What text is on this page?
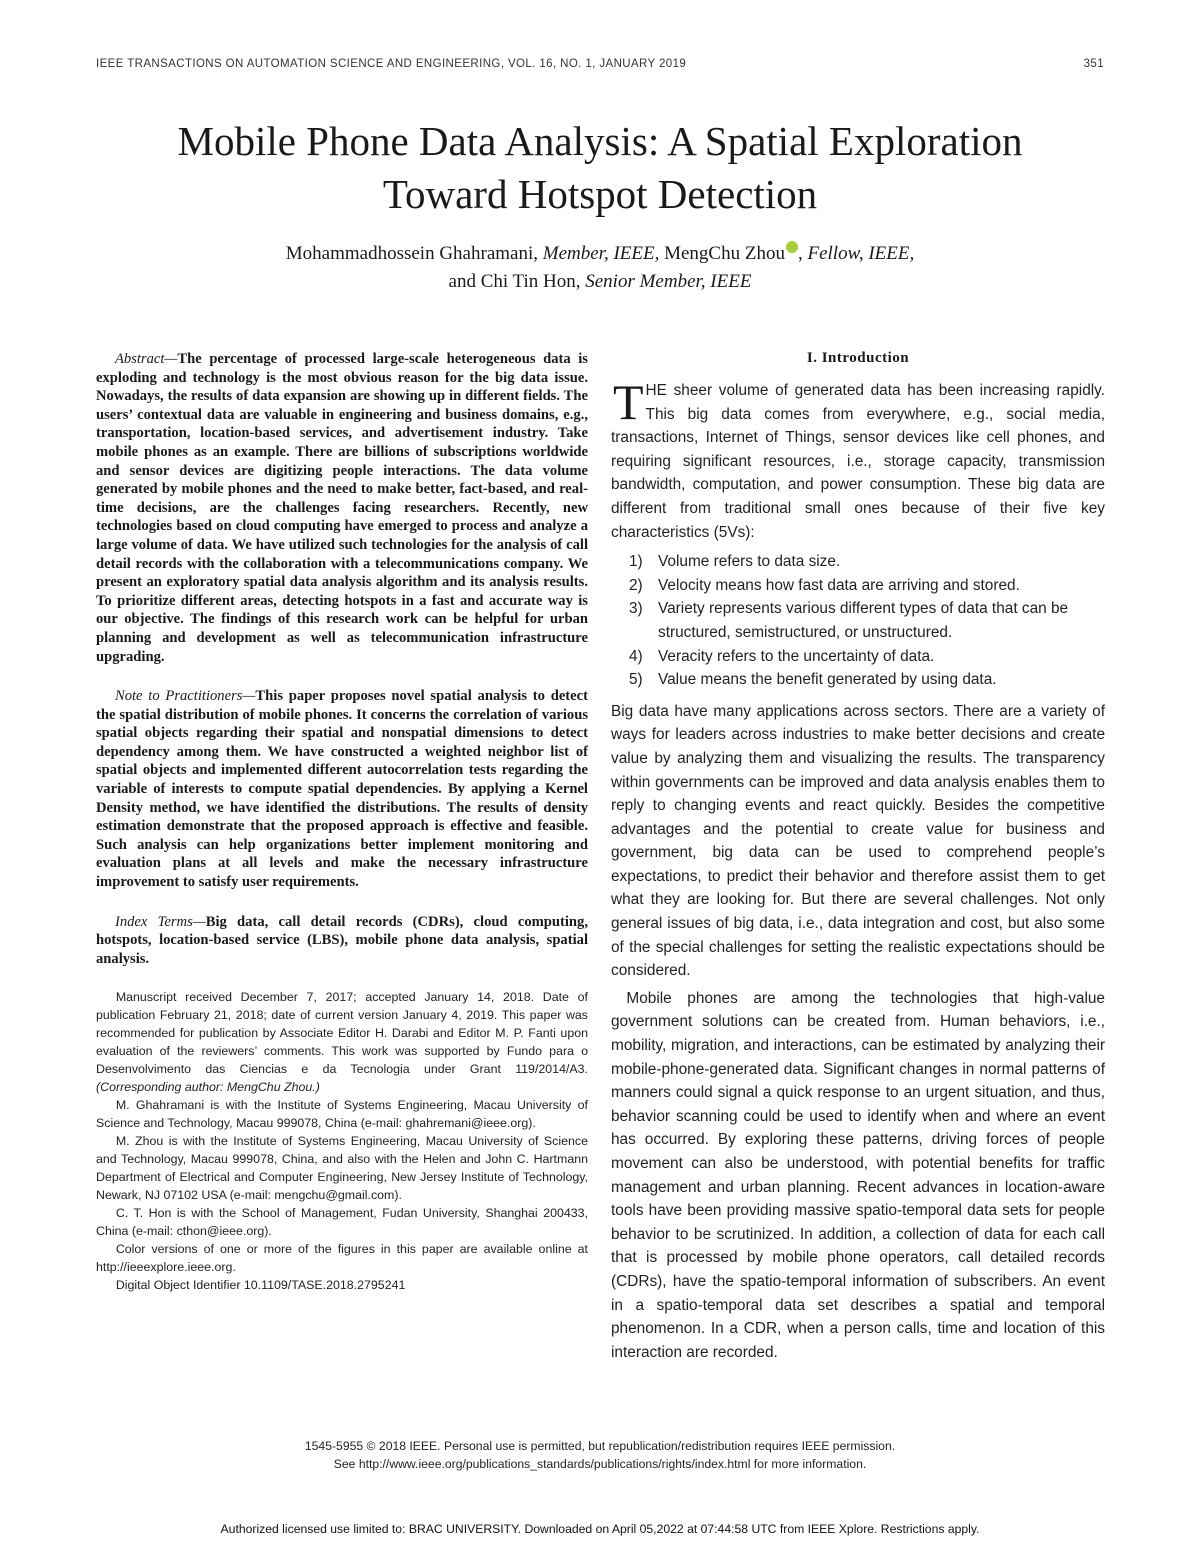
IEEE TRANSACTIONS ON AUTOMATION SCIENCE AND ENGINEERING, VOL. 16, NO. 1, JANUARY 2019	351
Mobile Phone Data Analysis: A Spatial Exploration
Toward Hotspot Detection
Mohammadhossein Ghahramani, Member, IEEE, MengChu Zhou , Fellow, IEEE,
and Chi Tin Hon, Senior Member, IEEE

Abstract—The percentage of processed large-scale heterogeneous data is exploding and technology is the most obvious reason for the big data issue. Nowadays, the results of data expansion are showing up in different fields. The users’ contextual data are valuable in engineering and business domains, e.g., transportation, location-based services, and advertisement industry. Take mobile phones as an example. There are billions of subscriptions worldwide and sensor devices are digitizing people interactions. The data volume generated by mobile phones and the need to make better, fact-based, and real-time decisions, are the challenges facing researchers. Recently, new technologies based on cloud computing have emerged to process and analyze a large volume of data. We have utilized such technologies for the analysis of call detail records with the collaboration with a telecommunications company. We present an exploratory spatial data analysis algorithm and its analysis results. To prioritize different areas, detecting hotspots in a fast and accurate way is our objective. The findings of this research work can be helpful for urban planning and development as well as telecommunication infrastructure upgrading.

Note to Practitioners—This paper proposes novel spatial analysis to detect the spatial distribution of mobile phones. It concerns the correlation of various spatial objects regarding their spatial and nonspatial dimensions to detect dependency among them. We have constructed a weighted neighbor list of spatial objects and implemented different autocorrelation tests regarding the variable of interests to compute spatial dependencies. By applying a Kernel Density method, we have identified the distributions. The results of density estimation demonstrate that the proposed approach is effective and feasible. Such analysis can help organizations better implement monitoring and evaluation plans at all levels and make the necessary infrastructure improvement to satisfy user requirements.

Index Terms—Big data, call detail records (CDRs), cloud computing, hotspots, location-based service (LBS), mobile phone data analysis, spatial analysis.

Manuscript received December 7, 2017; accepted January 14, 2018. Date of publication February 21, 2018; date of current version January 4, 2019. This paper was recommended for publication by Associate Editor H. Darabi and Editor M. P. Fanti upon evaluation of the reviewers’ comments. This work was supported by Fundo para o Desenvolvimento das Ciencias e da Tecnologia under Grant 119/2014/A3. (Corresponding author: MengChu Zhou.)

M. Ghahramani is with the Institute of Systems Engineering, Macau University of Science and Technology, Macau 999078, China (e-mail: ghahremani@ieee.org).

M. Zhou is with the Institute of Systems Engineering, Macau University of Science and Technology, Macau 999078, China, and also with the Helen and John C. Hartmann Department of Electrical and Computer Engineering, New Jersey Institute of Technology, Newark, NJ 07102 USA (e-mail: mengchu@gmail.com).

C. T. Hon is with the School of Management, Fudan University, Shanghai 200433, China (e-mail: cthon@ieee.org).

Color versions of one or more of the figures in this paper are available online at http://ieeexplore.ieee.org.

Digital Object Identifier 10.1109/TASE.2018.2795241

I. Introduction

THE sheer volume of generated data has been increasing rapidly. This big data comes from everywhere, e.g., social media, transactions, Internet of Things, sensor devices like cell phones, and requiring significant resources, i.e., storage capacity, transmission bandwidth, computation, and power consumption. These big data are different from traditional small ones because of their five key characteristics (5Vs):

1) Volume refers to data size.
2) Velocity means how fast data are arriving and stored.
3) Variety represents various different types of data that can be structured, semistructured, or unstructured.
4) Veracity refers to the uncertainty of data.
5) Value means the benefit generated by using data.

Big data have many applications across sectors. There are a variety of ways for leaders across industries to make better decisions and create value by analyzing them and visualizing the results. The transparency within governments can be improved and data analysis enables them to reply to changing events and react quickly. Besides the competitive advantages and the potential to create value for business and government, big data can be used to comprehend people’s expectations, to predict their behavior and therefore assist them to get what they are looking for. But there are several challenges. Not only general issues of big data, i.e., data integration and cost, but also some of the special challenges for setting the realistic expectations should be considered.

Mobile phones are among the technologies that high-value government solutions can be created from. Human behaviors, i.e., mobility, migration, and interactions, can be estimated by analyzing their mobile-phone-generated data. Significant changes in normal patterns of manners could signal a quick response to an urgent situation, and thus, behavior scanning could be used to identify when and where an event has occurred. By exploring these patterns, driving forces of people movement can also be understood, with potential benefits for traffic management and urban planning. Recent advances in location-aware tools have been providing massive spatio-temporal data sets for people behavior to be scrutinized. In addition, a collection of data for each call that is processed by mobile phone operators, call detailed records (CDRs), have the spatio-temporal information of subscribers. An event in a spatio-temporal data set describes a spatial and temporal phenomenon. In a CDR, when a person calls, time and location of this interaction are recorded.

1545-5955 © 2018 IEEE. Personal use is permitted, but republication/redistribution requires IEEE permission.
See http://www.ieee.org/publications_standards/publications/rights/index.html for more information.
Authorized licensed use limited to: BRAC UNIVERSITY. Downloaded on April 05,2022 at 07:44:58 UTC from IEEE Xplore. Restrictions apply.
